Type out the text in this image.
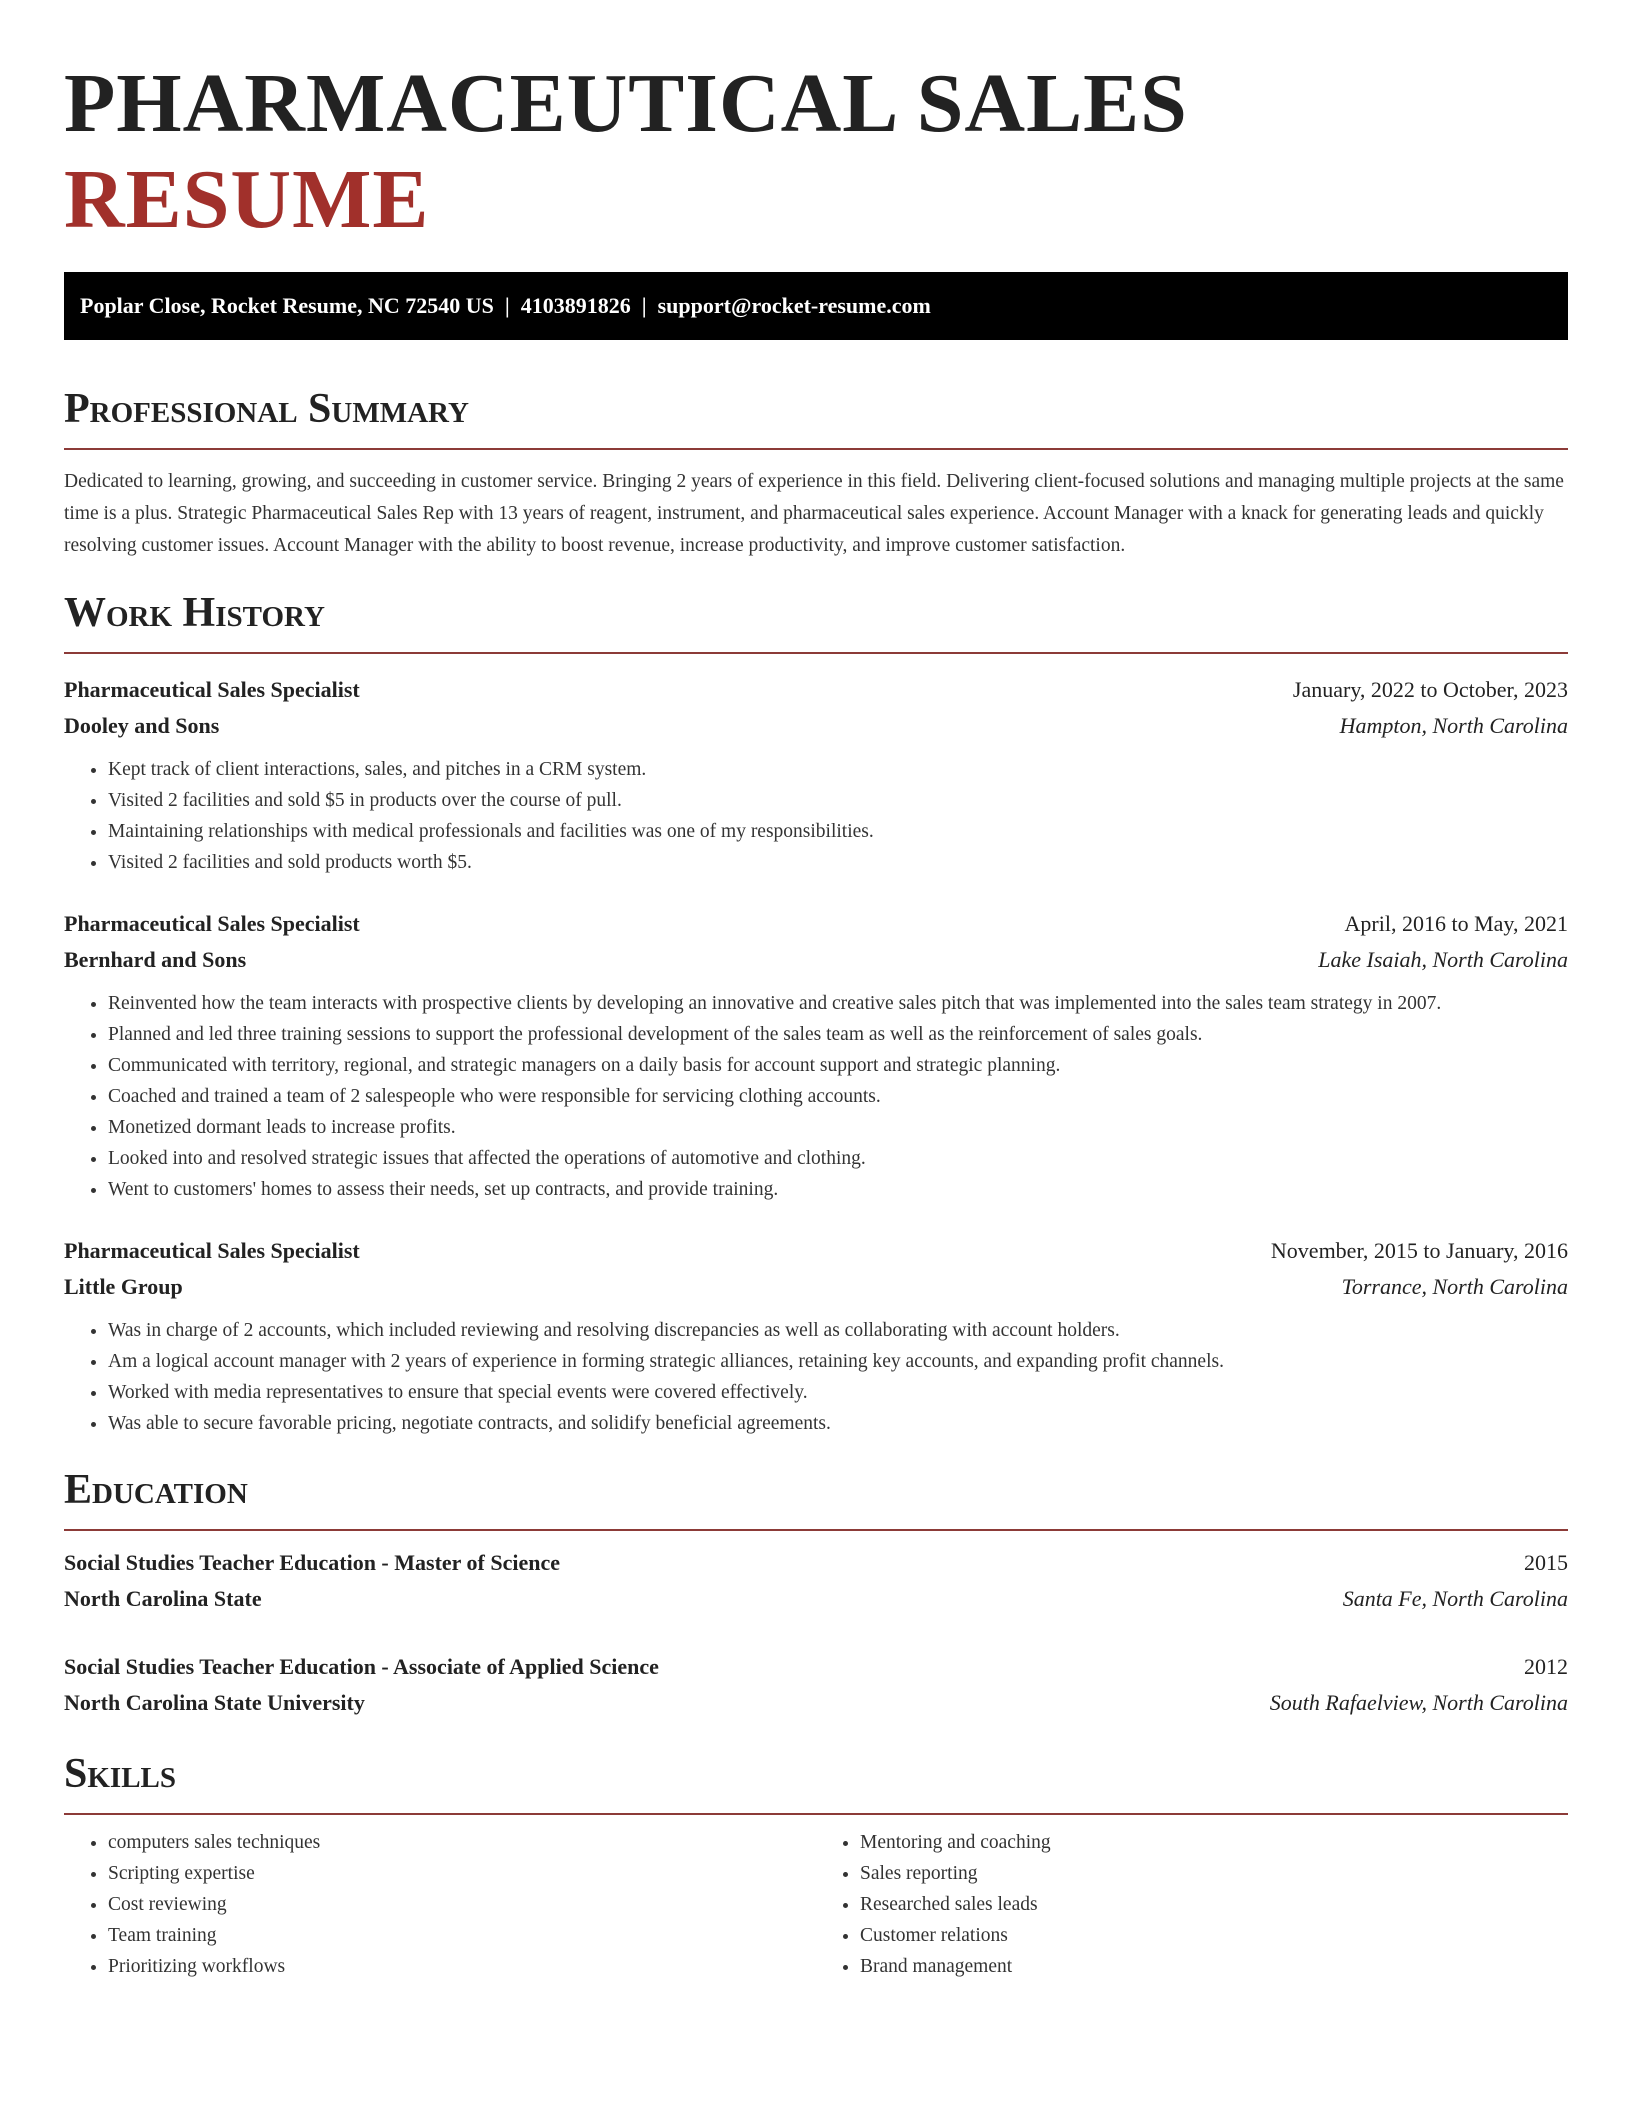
PHARMACEUTICAL SALES RESUME
Poplar Close, Rocket Resume, NC 72540 US | 4103891826 | support@rocket-resume.com
Professional Summary

Dedicated to learning, growing, and succeeding in customer service. Bringing 2 years of experience in this field. Delivering client-focused solutions and managing multiple projects at the same time is a plus. Strategic Pharmaceutical Sales Rep with 13 years of reagent, instrument, and pharmaceutical sales experience. Account Manager with a knack for generating leads and quickly resolving customer issues. Account Manager with the ability to boost revenue, increase productivity, and improve customer satisfaction.

Work History
Pharmaceutical Sales Specialist	January, 2022 to October, 2023
Dooley and Sons	Hampton, North Carolina
• Kept track of client interactions, sales, and pitches in a CRM system.
• Visited 2 facilities and sold $5 in products over the course of pull.
• Maintaining relationships with medical professionals and facilities was one of my responsibilities.
• Visited 2 facilities and sold products worth $5.
Pharmaceutical Sales Specialist	April, 2016 to May, 2021
Bernhard and Sons	Lake Isaiah, North Carolina
• Reinvented how the team interacts with prospective clients by developing an innovative and creative sales pitch that was implemented into the sales team strategy in 2007.
• Planned and led three training sessions to support the professional development of the sales team as well as the reinforcement of sales goals.
• Communicated with territory, regional, and strategic managers on a daily basis for account support and strategic planning.
• Coached and trained a team of 2 salespeople who were responsible for servicing clothing accounts.
• Monetized dormant leads to increase profits.
• Looked into and resolved strategic issues that affected the operations of automotive and clothing.
• Went to customers' homes to assess their needs, set up contracts, and provide training.
Pharmaceutical Sales Specialist	November, 2015 to January, 2016
Little Group	Torrance, North Carolina
• Was in charge of 2 accounts, which included reviewing and resolving discrepancies as well as collaborating with account holders.
• Am a logical account manager with 2 years of experience in forming strategic alliances, retaining key accounts, and expanding profit channels.
• Worked with media representatives to ensure that special events were covered effectively.
• Was able to secure favorable pricing, negotiate contracts, and solidify beneficial agreements.
Education
Social Studies Teacher Education - Master of Science	2015
North Carolina State	Santa Fe, North Carolina
Social Studies Teacher Education - Associate of Applied Science	2012
North Carolina State University	South Rafaelview, North Carolina
Skills
• computers sales techniques
• Scripting expertise
• Cost reviewing
• Team training
• Prioritizing workflows
• Mentoring and coaching
• Sales reporting
• Researched sales leads
• Customer relations
• Brand management
